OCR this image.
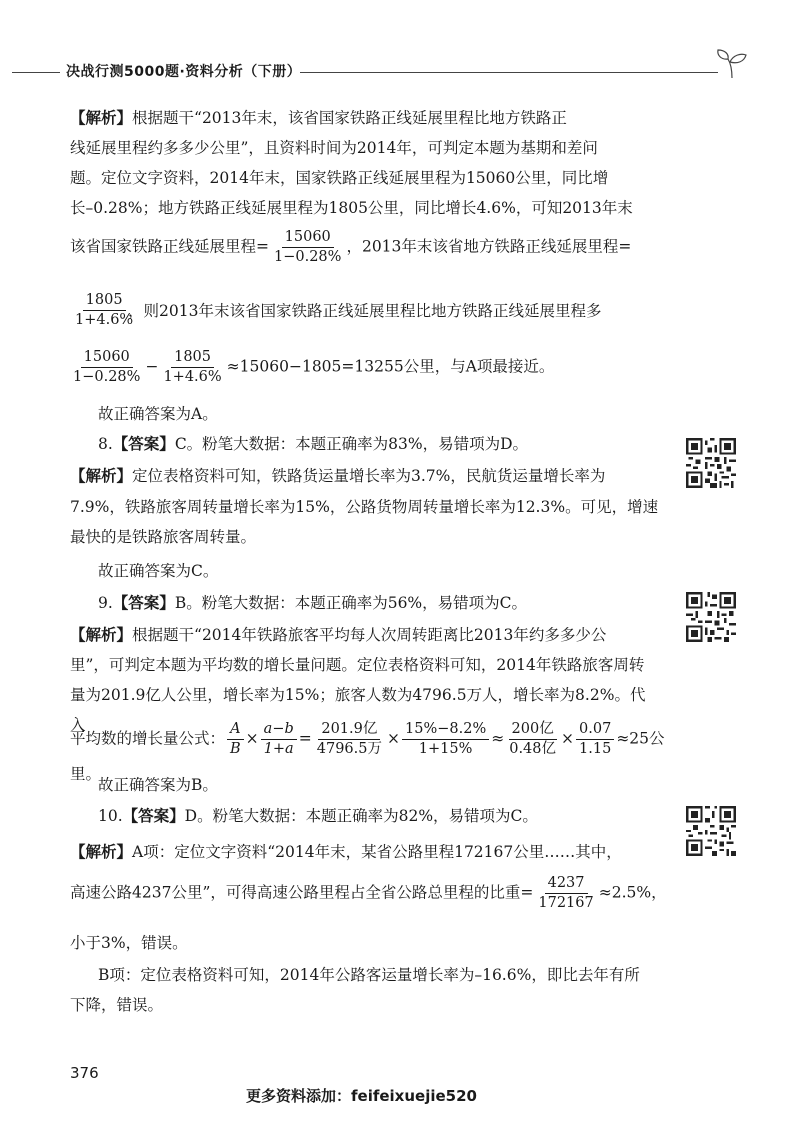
决战行测5000题·资料分析（下册）

【解析】根据题干“2013年末，该省国家铁路正线延展里程比地方铁路正

线延展里程约多多少公里”，且资料时间为2014年，可判定本题为基期和差问

题。定位文字资料，2014年末，国家铁路正线延展里程为15060公里，同比增

长–0.28%；地方铁路正线延展里程为1805公里，同比增长4.6%，可知2013年末

该省国家铁路正线延展里程= $\frac{15060}{1-0.28\%}$ ，2013年末该省地方铁路正线延展里程=
$\frac{1805}{1+4.6\%}$

，则2013年末该省国家铁路正线延展里程比地方铁路正线延展里程多

$\frac{15060}{1-0.28\%} - \frac{1805}{1+4.6\%} \approx 15060-1805=13255$公里，与A项最接近。

故正确答案为A。

8.【答案】C。粉笔大数据：本题正确率为83%，易错项为D。

【解析】定位表格资料可知，铁路货运量增长率为3.7%，民航货运量增长率为

7.9%，铁路旅客周转量增长率为15%，公路货物周转量增长率为12.3%。可见，增速

最快的是铁路旅客周转量。

故正确答案为C。

9.【答案】B。粉笔大数据：本题正确率为56%，易错项为C。

【解析】根据题干“2014年铁路旅客平均每人次周转距离比2013年约多多少公

里”，可判定本题为平均数的增长量问题。定位表格资料可知，2014年铁路旅客周转

量为201.9亿人公里，增长率为15%；旅客人数为4796.5万人，增长率为8.2%。代入

平均数的增长量公式： $\frac{A}{B} \times \frac{a-b}{1+a} = \frac{\text{201.9亿}}{\text{4796.5万}} \times \frac{15\%-8.2\%}{1+15\%} \approx \frac{\text{200亿}}{\text{0.48亿}} \times \frac{0.07}{1.15} \approx 25$公里。

故正确答案为B。

10.【答案】D。粉笔大数据：本题正确率为82%，易错项为C。

【解析】A项：定位文字资料“2014年末，某省公路里程172167公里……其中，

高速公路4237公里”，可得高速公路里程占全省公路总里程的比重= $\frac{4237}{172167} \approx 2.5\%$，

小于3%，错误。

B项：定位表格资料可知，2014年公路客运量增长率为–16.6%，即比去年有所

下降，错误。

376
更多资料添加：feifeixuejie520
